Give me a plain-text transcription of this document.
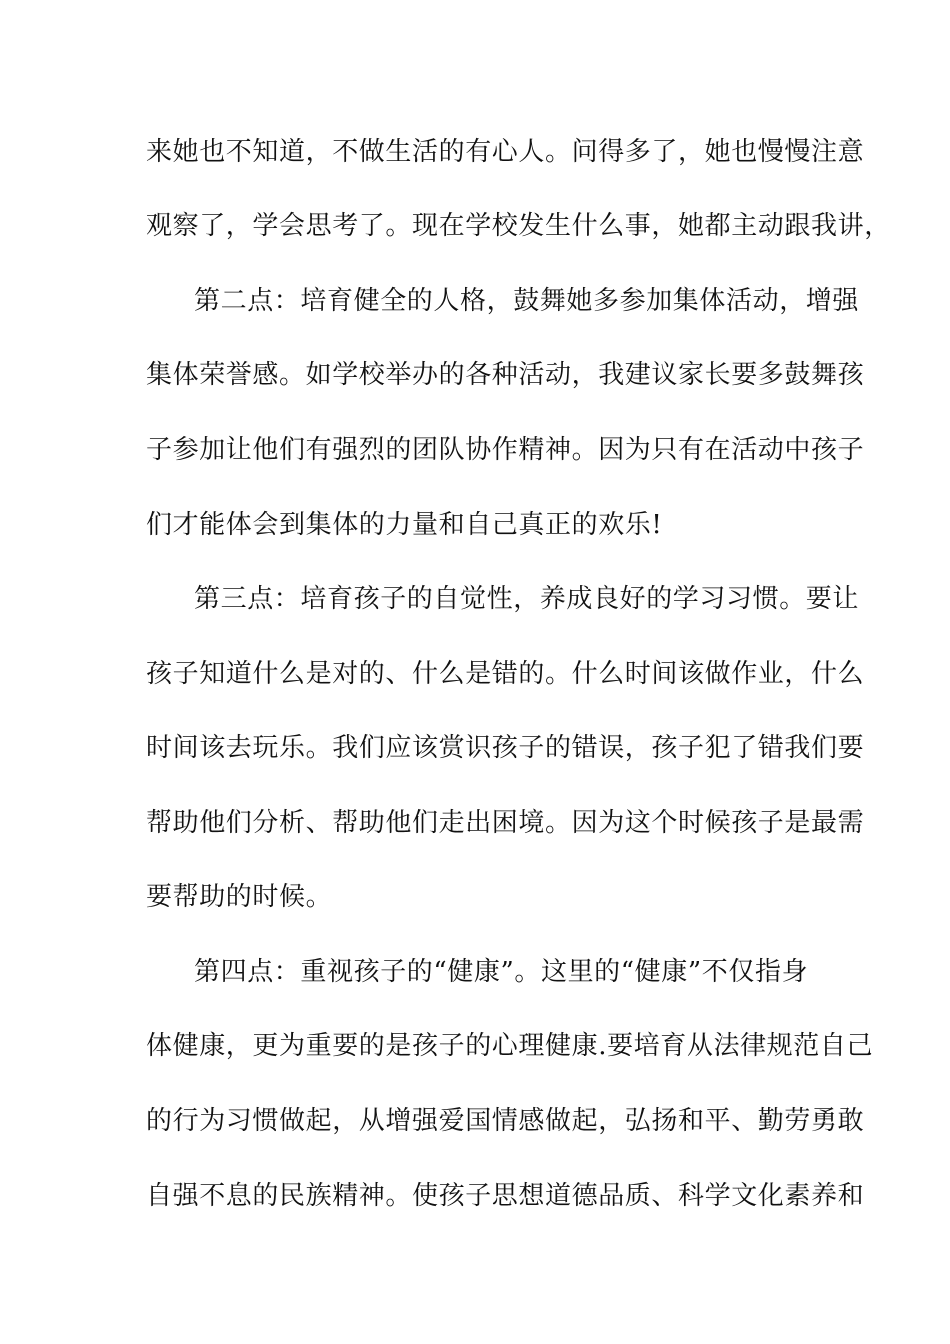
来她也不知道，不做生活的有心人。问得多了，她也慢慢注意
观察了，学会思考了。现在学校发生什么事，她都主动跟我讲，
第二点：培育健全的人格，鼓舞她多参加集体活动，增强
集体荣誉感。如学校举办的各种活动，我建议家长要多鼓舞孩
子参加让他们有强烈的团队协作精神。因为只有在活动中孩子
们才能体会到集体的力量和自己真正的欢乐!
第三点：培育孩子的自觉性，养成良好的学习习惯。要让
孩子知道什么是对的、什么是错的。什么时间该做作业，什么
时间该去玩乐。我们应该赏识孩子的错误，孩子犯了错我们要
帮助他们分析、帮助他们走出困境。因为这个时候孩子是最需
要帮助的时候。
第四点：重视孩子的“健康”。这里的“健康”不仅指身
体健康，更为重要的是孩子的心理健康.要培育从法律规范自己
的行为习惯做起，从增强爱国情感做起，弘扬和平、勤劳勇敢
自强不息的民族精神。使孩子思想道德品质、科学文化素养和
